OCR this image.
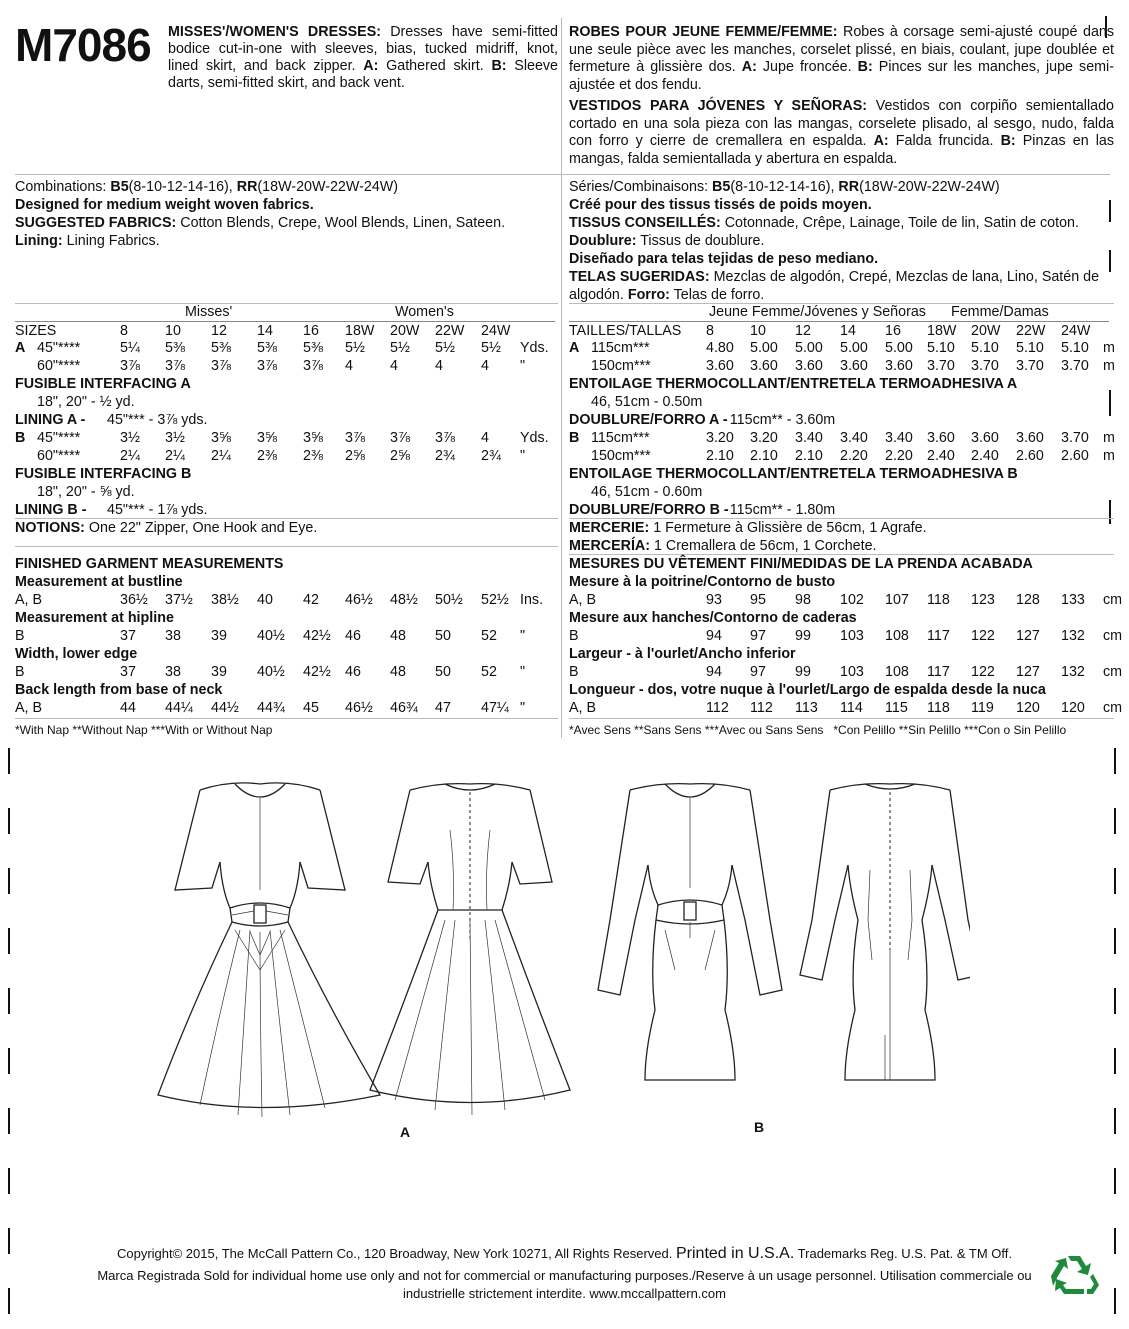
M7086 MISSES'/WOMEN'S DRESSES: Dresses have semi-fitted bodice cut-in-one with sleeves, bias, tucked midriff, knot, lined skirt, and back zipper. A: Gathered skirt. B: Sleeve darts, semi-fitted skirt, and back vent.
ROBES POUR JEUNE FEMME/FEMME: Robes à corsage semi-ajusté coupé dans une seule pièce avec les manches, corselet plissé, en biais, coulant, jupe doublée et fermeture à glissière dos. A: Jupe froncée. B: Pinces sur les manches, jupe semi-ajustée et dos fendu.
VESTIDOS PARA JÓVENES Y SEÑORAS: Vestidos con corpiño semientallado cortado en una sola pieza con las mangas, corselete plisado, al sesgo, nudo, falda con forro y cierre de cremallera en espalda. A: Falda fruncida. B: Pinzas en las mangas, falda semientallada y abertura en espalda.
Combinations: B5(8-10-12-14-16), RR(18W-20W-22W-24W)
Designed for medium weight woven fabrics.
SUGGESTED FABRICS: Cotton Blends, Crepe, Wool Blends, Linen, Sateen.
Lining: Lining Fabrics.
Séries/Combinaisons: B5(8-10-12-14-16), RR(18W-20W-22W-24W)
Créé pour des tissus tissés de poids moyen.
TISSUS CONSEILLÉS: Cotonnade, Crêpe, Lainage, Toile de lin, Satin de coton.
Doublure: Tissus de doublure.
Diseñado para telas tejidas de peso mediano.
TELAS SUGERIDAS: Mezclas de algodón, Crepé, Mezclas de lana, Lino, Satén de algodón. Forro: Telas de forro.
Misses'	Women's
SIZES	8	10 12 14 16 18W 20W 22W 24W
A 45"****	5¼ 5⅜ 5⅜ 5⅜ 5⅜ 5½ 5½ 5½ 5½ Yds.
60"****	3⅞ 3⅞ 3⅞ 3⅞ 3⅞ 4	4	4	4 "
FUSIBLE INTERFACING A
18", 20" - ½ yd.
LINING A - 45"*** - 3⅞ yds.
B 45"****	3½ 3½ 3⅝ 3⅝ 3⅝ 3⅞ 3⅞ 3⅞ 4 Yds.
60"****	2¼ 2¼ 2¼ 2⅜ 2⅜ 2⅝ 2⅝ 2¾ 2¾ "
FUSIBLE INTERFACING B
18", 20" - ⅝ yd.
LINING B - 45"*** - 1⅞ yds.
Jeune Femme/Jóvenes y Señoras Femme/Damas
TAILLES/TALLAS 8	10 12 14 16 18W 20W 22W 24W
A 115cm***	4.80 5.00 5.00 5.00 5.00 5.10 5.10 5.10 5.10 m
150cm***	3.60 3.60 3.60 3.60 3.60 3.70 3.70 3.70 3.70 m
ENTOILAGE THERMOCOLLANT/ENTRETELA TERMOADHESIVA A
46, 51cm - 0.50m
DOUBLURE/FORRO A - 115cm** - 3.60m
B 115cm***	3.20 3.20 3.40 3.40 3.40 3.60 3.60 3.60 3.70 m
150cm***	2.10 2.10 2.10 2.20 2.20 2.40 2.40 2.60 2.60 m
ENTOILAGE THERMOCOLLANT/ENTRETELA TERMOADHESIVA B
46, 51cm - 0.60m
DOUBLURE/FORRO B - 115cm** - 1.80m
NOTIONS: One 22" Zipper, One Hook and Eye.	MERCERIE: 1 Fermeture à Glissière de 56cm, 1 Agrafe.
MERCERÍA: 1 Cremallera de 56cm, 1 Corchete.
FINISHED GARMENT MEASUREMENTS
Measurement at bustline
A, B	36½ 37½ 38½ 40 42 46½ 48½ 50½ 52½ Ins.
Measurement at hipline
B	37 38 39 40½ 42½ 46 48 50 52 "
Width, lower edge
B	37 38 39 40½ 42½ 46 48 50 52 "
Back length from base of neck
A, B	44 44¼ 44½ 44¾ 45 46½ 46¾ 47 47¼ "
MESURES DU VÊTEMENT FINI/MEDIDAS DE LA PRENDA ACABADA
Mesure à la poitrine/Contorno de busto
A, B	93 95 98 102 107 118 123 128 133 cm
Mesure aux hanches/Contorno de caderas
B	94 97 99 103 108 117 122 127 132 cm
Largeur - à l'ourlet/Ancho inferior
B	94 97 99 103 108 117 122 127 132 cm
Longueur - dos, votre nuque à l'ourlet/Largo de espalda desde la nuca
A, B	112 112 113 114 115 118 119 120 120 cm
*With Nap **Without Nap ***With or Without Nap	*Avec Sens **Sans Sens ***Avec ou Sans Sens   *Con Pelillo **Sin Pelillo ***Con o Sin Pelillo
A	B
Copyright© 2015, The McCall Pattern Co., 120 Broadway, New York 10271, All Rights Reserved. Printed in U.S.A. Trademarks Reg. U.S. Pat. & TM Off.
Marca Registrada Sold for individual home use only and not for commercial or manufacturing purposes./Reserve à un usage personnel. Utilisation commerciale ou
industrielle strictement interdite. www.mccallpattern.com
